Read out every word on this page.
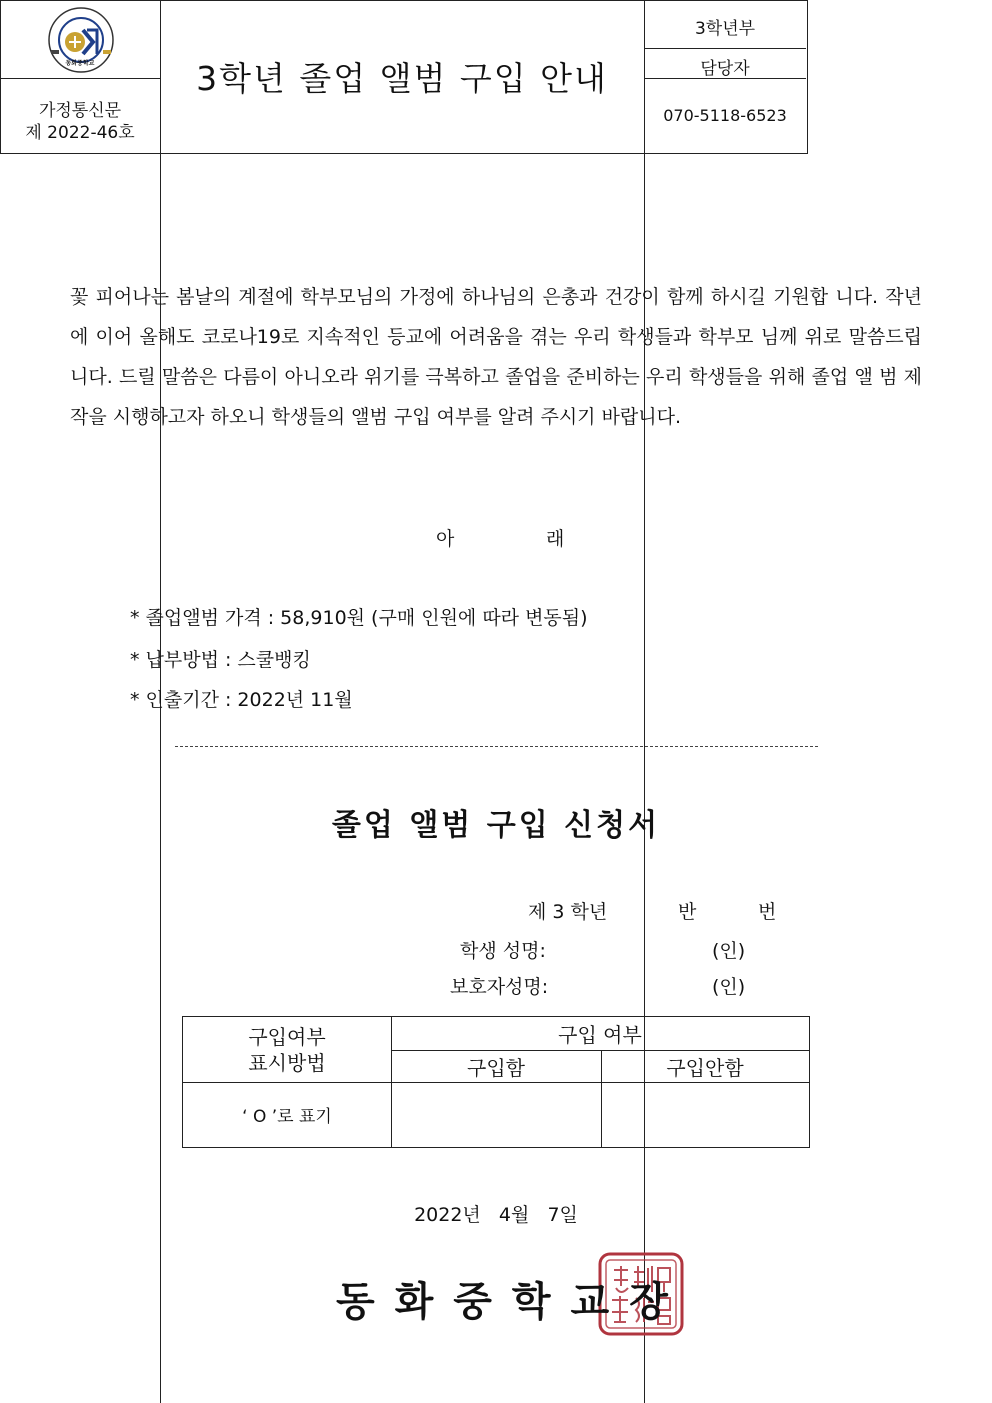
동화중학교
가정통신문
제 2022-46호
3학년 졸업 앨범 구입 안내
3학년부
담당자
070-5118-6523
꽃 피어나는 봄날의 계절에 학부모님의 가정에 하나님의 은총과 건강이 함께 하시길 기원합 니다. 작년에 이어 올해도 코로나19로 지속적인 등교에 어려움을 겪는 우리 학생들과 학부모 님께 위로 말씀드립니다. 드릴 말씀은 다름이 아니오라 위기를 극복하고 졸업을 준비하는 우리 학생들을 위해 졸업 앨 범 제작을 시행하고자 하오니 학생들의 앨범 구입 여부를 알려 주시기 바랍니다.
아	래
* 졸업앨범 가격 : 58,910원 (구매 인원에 따라 변동됨)
* 납부방법 : 스쿨뱅킹
* 인출기간 : 2022년 11월
졸업 앨범 구입 신청서
제 3 학년	반	번
학생 성명:	(인)
보호자성명:	(인)
구입여부
표시방법
구입 여부
구입함	구입안함
‘ O ’로 표기
2022년   4월   7일
동화중학교장
